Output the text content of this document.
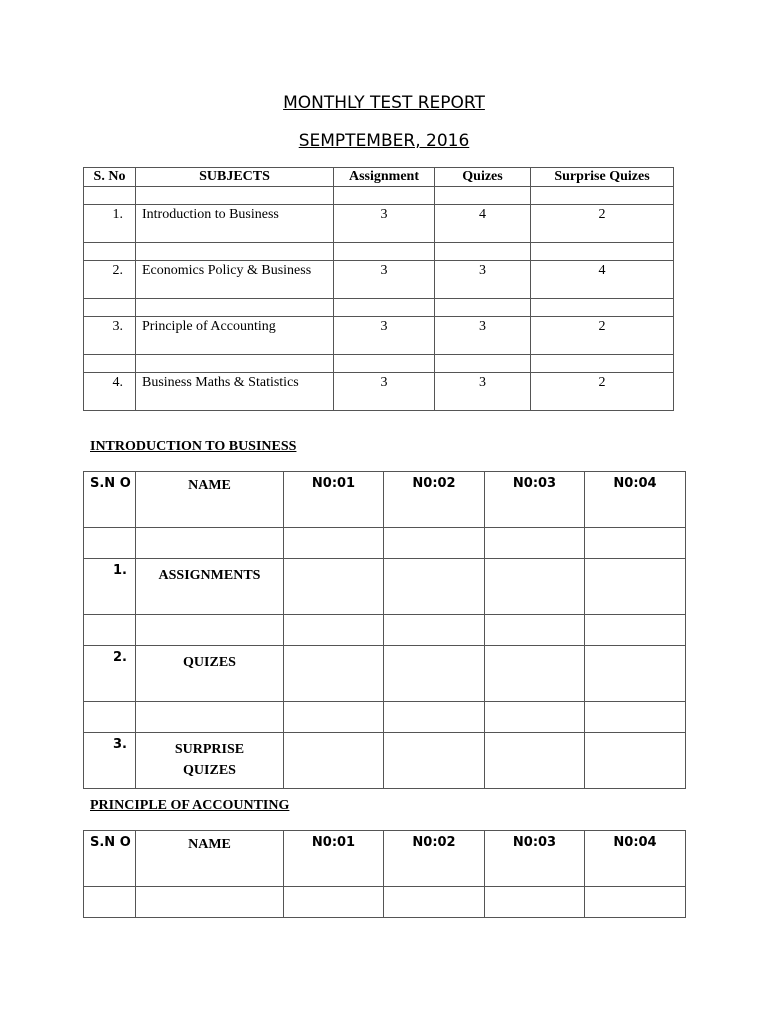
MONTHLY TEST REPORT
SEMPTEMBER, 2016
S. No	SUBJECTS	Assignment	Quizes	Surprise Quizes

1.	Introduction to Business	3	4	2

2.	Economics Policy & Business	3	3	4

3.	Principle of Accounting	3	3	2

4.	Business Maths & Statistics	3	3	2
INTRODUCTION TO BUSINESS
S.N O	NAME	N0:01	N0:02	N0:03	N0:04

1.	ASSIGNMENTS				

2.	QUIZES				

3.	SURPRISE QUIZES				

PRINCIPLE OF ACCOUNTING
S.N O	NAME	N0:01	N0:02	N0:03	N0:04
